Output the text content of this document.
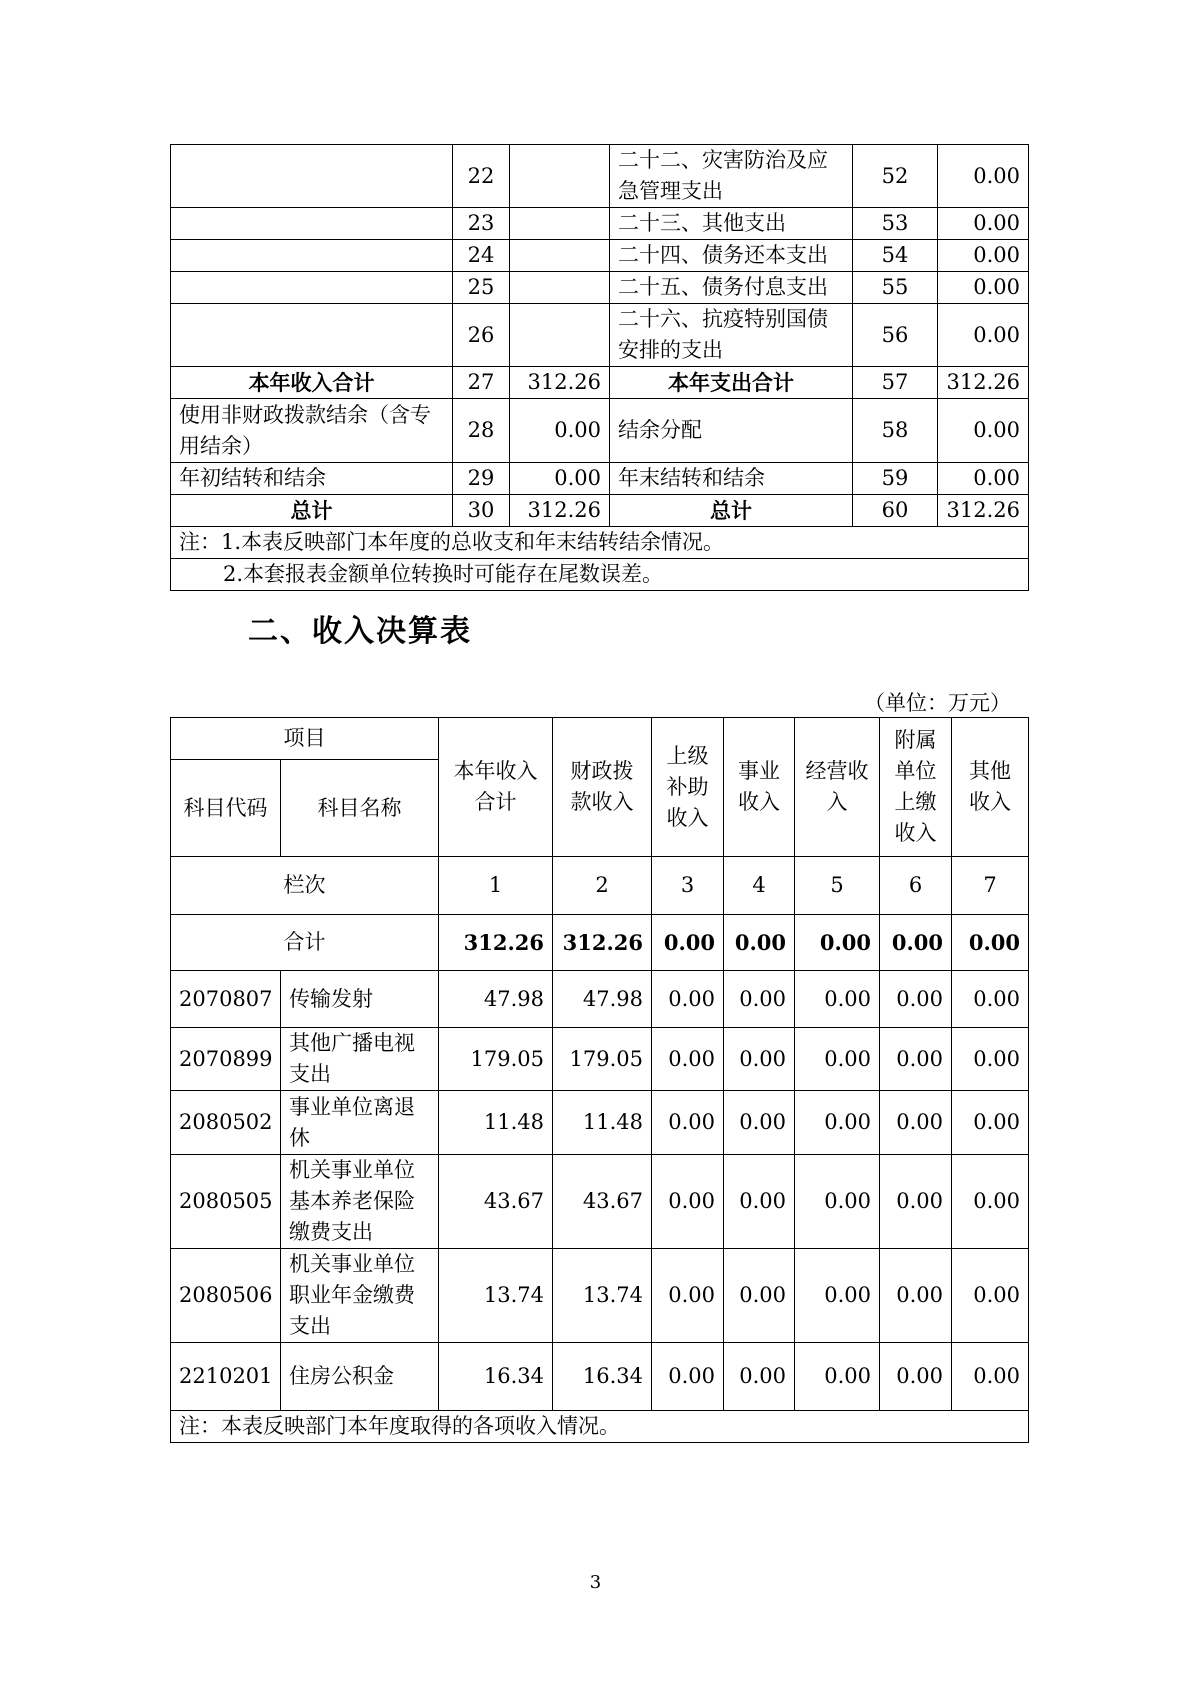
	22		二十二、灾害防治及应急管理支出	52	0.00
	23		二十三、其他支出	53	0.00
	24		二十四、债务还本支出	54	0.00
	25		二十五、债务付息支出	55	0.00
	26		二十六、抗疫特别国债安排的支出	56	0.00
本年收入合计	27	312.26	本年支出合计	57	312.26
使用非财政拨款结余（含专用结余）	28	0.00	结余分配	58	0.00
年初结转和结余	29	0.00	年末结转和结余	59	0.00
总计	30	312.26	总计	60	312.26
注：1.本表反映部门本年度的总收支和年末结转结余情况。					
2.本套报表金额单位转换时可能存在尾数误差。					
二、收入决算表
（单位：万元）
项目		本年收入合计	财政拨款收入	上级补助收入	事业收入	经营收入	附属单位上缴收入	其他收入
科目代码	科目名称							
栏次		1	2	3	4	5	6	7
合计		312.26	312.26	0.00	0.00	0.00	0.00	0.00
2070807	传输发射	47.98	47.98	0.00	0.00	0.00	0.00	0.00
2070899	其他广播电视支出	179.05	179.05	0.00	0.00	0.00	0.00	0.00
2080502	事业单位离退休	11.48	11.48	0.00	0.00	0.00	0.00	0.00
2080505	机关事业单位基本养老保险缴费支出	43.67	43.67	0.00	0.00	0.00	0.00	0.00
2080506	机关事业单位职业年金缴费支出	13.74	13.74	0.00	0.00	0.00	0.00	0.00
2210201	住房公积金	16.34	16.34	0.00	0.00	0.00	0.00	0.00
注：本表反映部门本年度取得的各项收入情况。								
3
